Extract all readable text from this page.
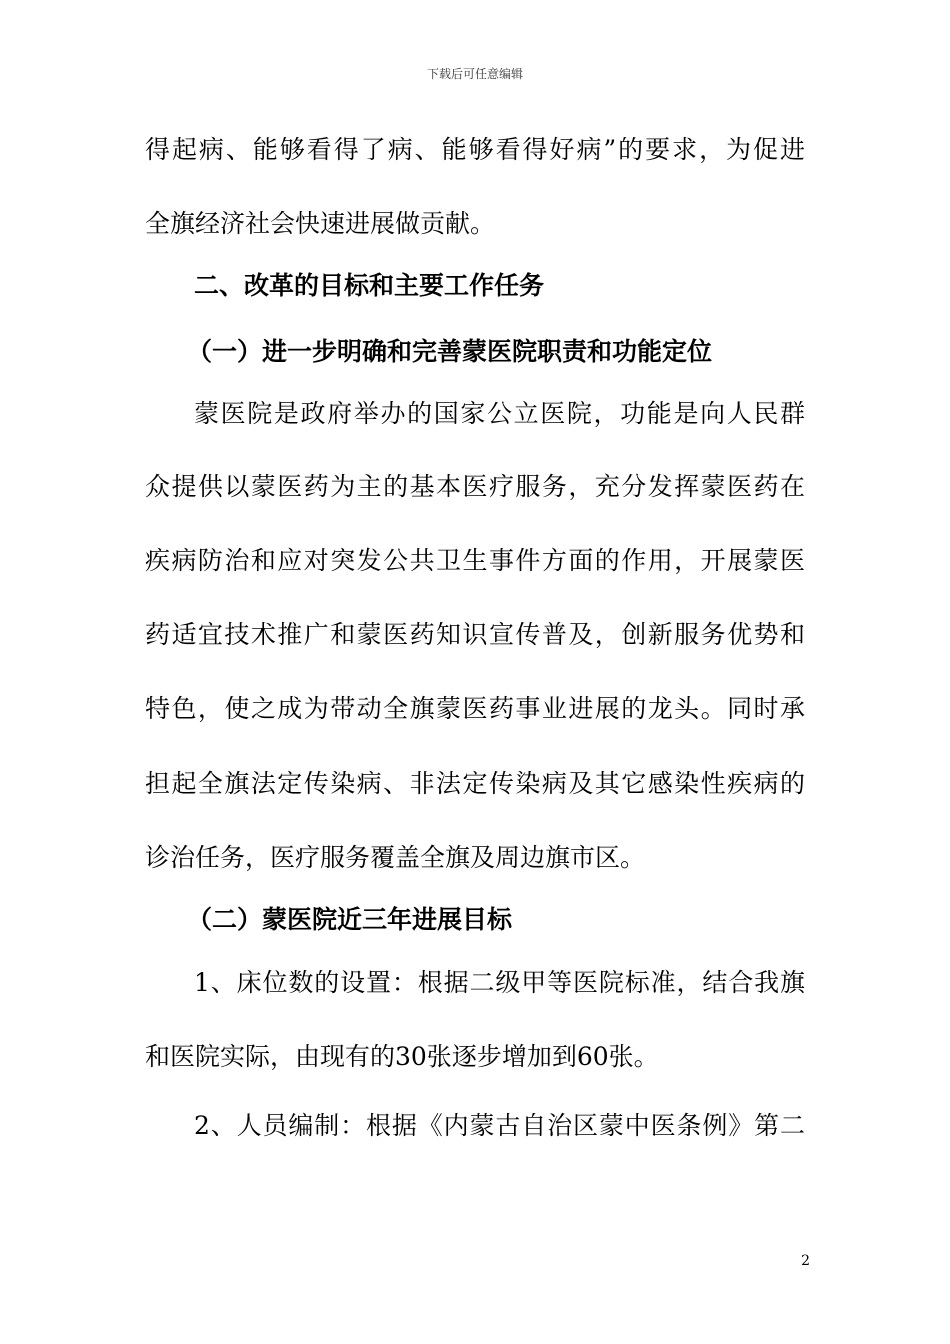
下载后可任意编辑
得起病、能够看得了病、能够看得好病”的要求，为促进
全旗经济社会快速进展做贡献。
二、改革的目标和主要工作任务
（一）进一步明确和完善蒙医院职责和功能定位
蒙医院是政府举办的国家公立医院，功能是向人民群
众提供以蒙医药为主的基本医疗服务，充分发挥蒙医药在
疾病防治和应对突发公共卫生事件方面的作用，开展蒙医
药适宜技术推广和蒙医药知识宣传普及，创新服务优势和
特色，使之成为带动全旗蒙医药事业进展的龙头。同时承
担起全旗法定传染病、非法定传染病及其它感染性疾病的
诊治任务，医疗服务覆盖全旗及周边旗市区。
（二）蒙医院近三年进展目标
1、床位数的设置：根据二级甲等医院标准，结合我旗
和医院实际，由现有的30张逐步增加到60张。
2、人员编制：根据《内蒙古自治区蒙中医条例》第二
2
